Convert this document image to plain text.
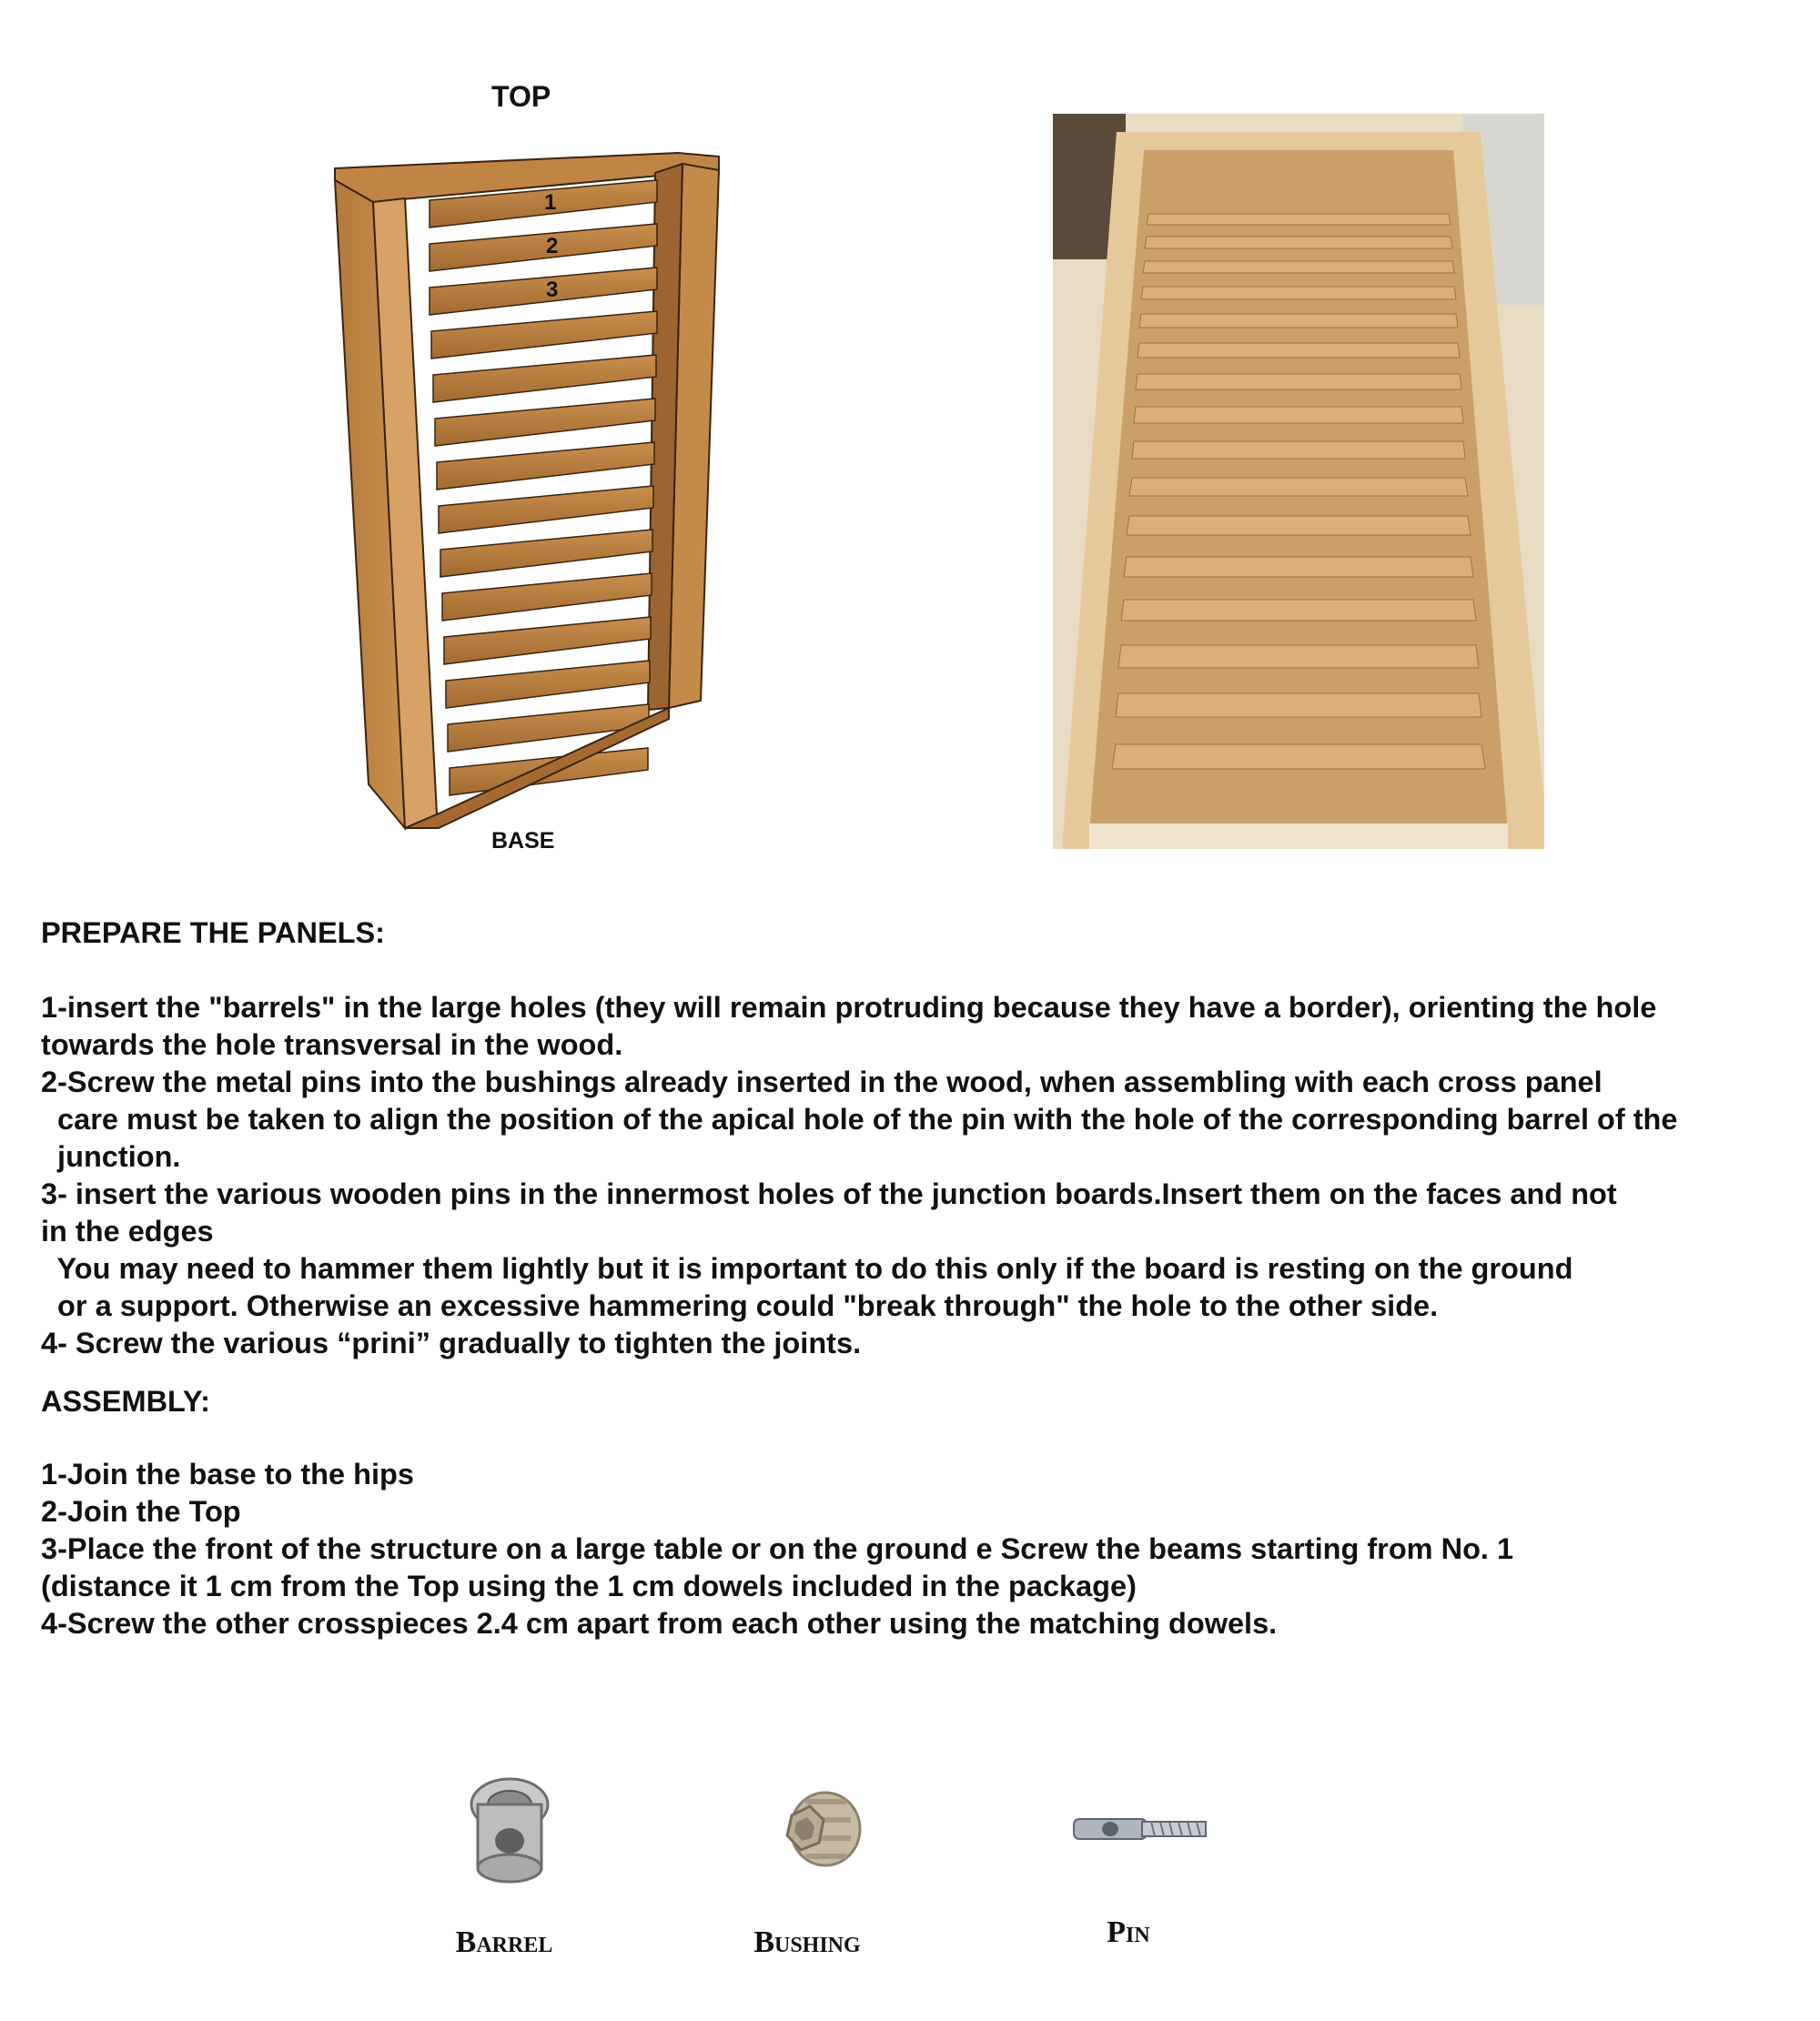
TOP
BASE
1
2
3

PREPARE THE PANELS:

1-insert the "barrels" in the large holes (they will remain protruding because they have a border), orienting the hole

towards the hole transversal in the wood.

2-Screw the metal pins into the bushings already inserted in the wood, when assembling with each cross panel

care must be taken to align the position of the apical hole of the pin with the hole of the corresponding barrel of the

junction.

3- insert the various wooden pins in the innermost holes of the junction boards.Insert them on the faces and not

in the edges

You may need to hammer them lightly but it is important to do this only if the board is resting on the ground

or a support. Otherwise an excessive hammering could "break through" the hole to the other side.

4- Screw the various “prini” gradually to tighten the joints.

ASSEMBLY:

1-Join the base to the hips

2-Join the Top

3-Place the front of the structure on a large table or on the ground e Screw the beams starting from No. 1

(distance it 1 cm from the Top using the 1 cm dowels included in the package)

4-Screw the other crosspieces 2.4 cm apart from each other using the matching dowels.

Barrel	Bushing	Pin
